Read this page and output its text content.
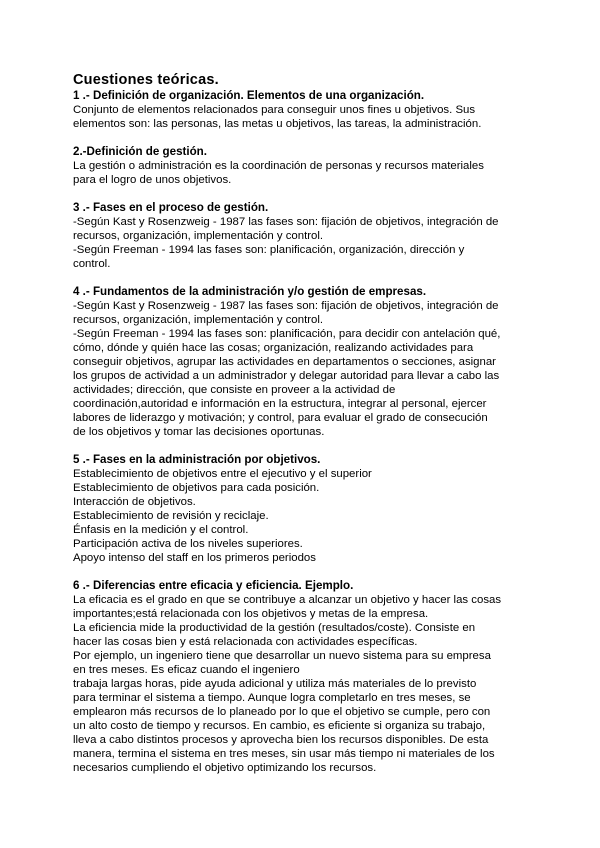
Cuestiones teóricas.
1 .- Definición de organización. Elementos de una organización.
Conjunto de elementos relacionados para conseguir unos fines u objetivos. Sus
elementos son: las personas, las metas u objetivos, las tareas, la administración.
2.-Definición de gestión.
La gestión o administración es la coordinación de personas y recursos materiales
para el logro de unos objetivos.
3 .- Fases en el proceso de gestión.
-Según Kast y Rosenzweig - 1987 las fases son: fijación de objetivos, integración de
recursos, organización, implementación y control.
-Según Freeman - 1994 las fases son: planificación, organización, dirección y
control.
4 .- Fundamentos de la administración y/o gestión de empresas.
-Según Kast y Rosenzweig - 1987 las fases son: fijación de objetivos, integración de
recursos, organización, implementación y control.
-Según Freeman - 1994 las fases son: planificación, para decidir con antelación qué,
cómo, dónde y quién hace las cosas; organización, realizando actividades para
conseguir objetivos, agrupar las actividades en departamentos o secciones, asignar
los grupos de actividad a un administrador y delegar autoridad para llevar a cabo las
actividades; dirección, que consiste en proveer a la actividad de
coordinación,autoridad e información en la estructura, integrar al personal, ejercer
labores de liderazgo y motivación; y control, para evaluar el grado de consecución
de los objetivos y tomar las decisiones oportunas.
5 .- Fases en la administración por objetivos.
Establecimiento de objetivos entre el ejecutivo y el superior
Establecimiento de objetivos para cada posición.
Interacción de objetivos.
Establecimiento de revisión y reciclaje.
Énfasis en la medición y el control.
Participación activa de los niveles superiores.
Apoyo intenso del staff en los primeros periodos
6 .- Diferencias entre eficacia y eficiencia. Ejemplo.
La eficacia es el grado en que se contribuye a alcanzar un objetivo y hacer las cosas
importantes;está relacionada con los objetivos y metas de la empresa.
La eficiencia mide la productividad de la gestión (resultados/coste). Consiste en
hacer las cosas bien y está relacionada con actividades específicas.
Por ejemplo, un ingeniero tiene que desarrollar un nuevo sistema para su empresa
en tres meses. Es eficaz cuando el ingeniero
trabaja largas horas, pide ayuda adicional y utiliza más materiales de lo previsto
para terminar el sistema a tiempo. Aunque logra completarlo en tres meses, se
emplearon más recursos de lo planeado por lo que el objetivo se cumple, pero con
un alto costo de tiempo y recursos. En cambio, es eficiente si organiza su trabajo,
lleva a cabo distintos procesos y aprovecha bien los recursos disponibles. De esta
manera, termina el sistema en tres meses, sin usar más tiempo ni materiales de los
necesarios cumpliendo el objetivo optimizando los recursos.
